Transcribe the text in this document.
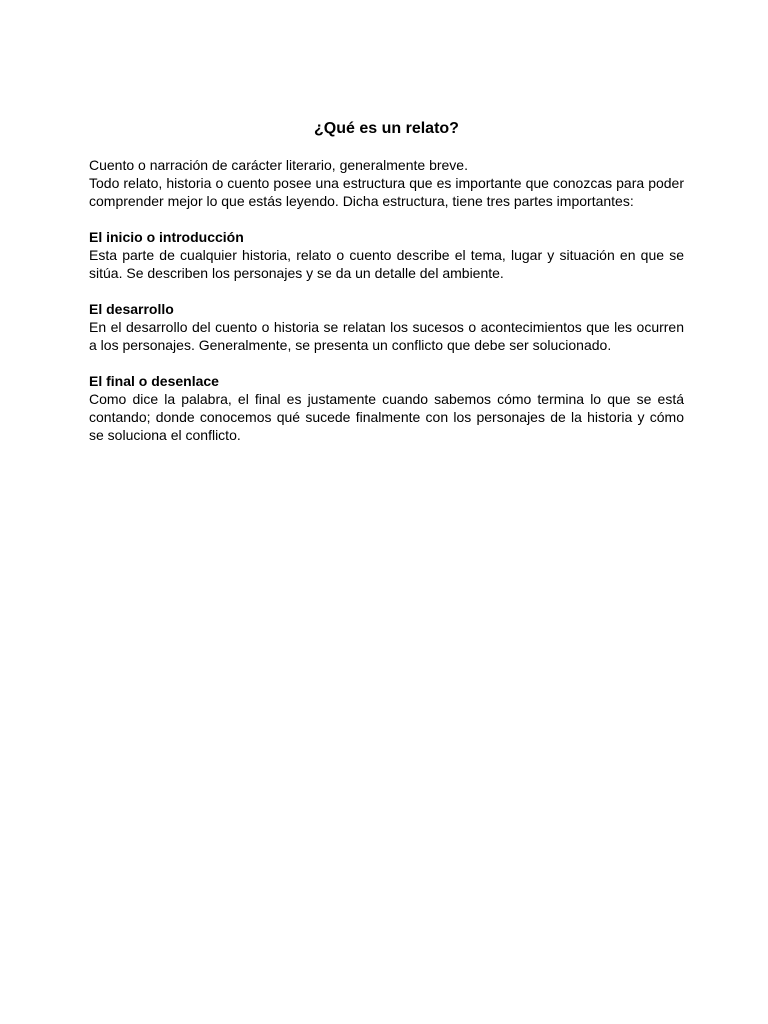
¿Qué es un relato?

Cuento o narración de carácter literario, generalmente breve.

Todo relato, historia o cuento posee una estructura que es importante que conozcas para poder comprender mejor lo que estás leyendo. Dicha estructura, tiene tres partes importantes:

El inicio o introducción

Esta parte de cualquier historia, relato o cuento describe el tema, lugar y situación en que se sitúa. Se describen los personajes y se da un detalle del ambiente.

El desarrollo

En el desarrollo del cuento o historia se relatan los sucesos o acontecimientos que les ocurren a los personajes. Generalmente, se presenta un conflicto que debe ser solucionado.

El final o desenlace

Como dice la palabra, el final es justamente cuando sabemos cómo termina lo que se está contando; donde conocemos qué sucede finalmente con los personajes de la historia y cómo se soluciona el conflicto.
